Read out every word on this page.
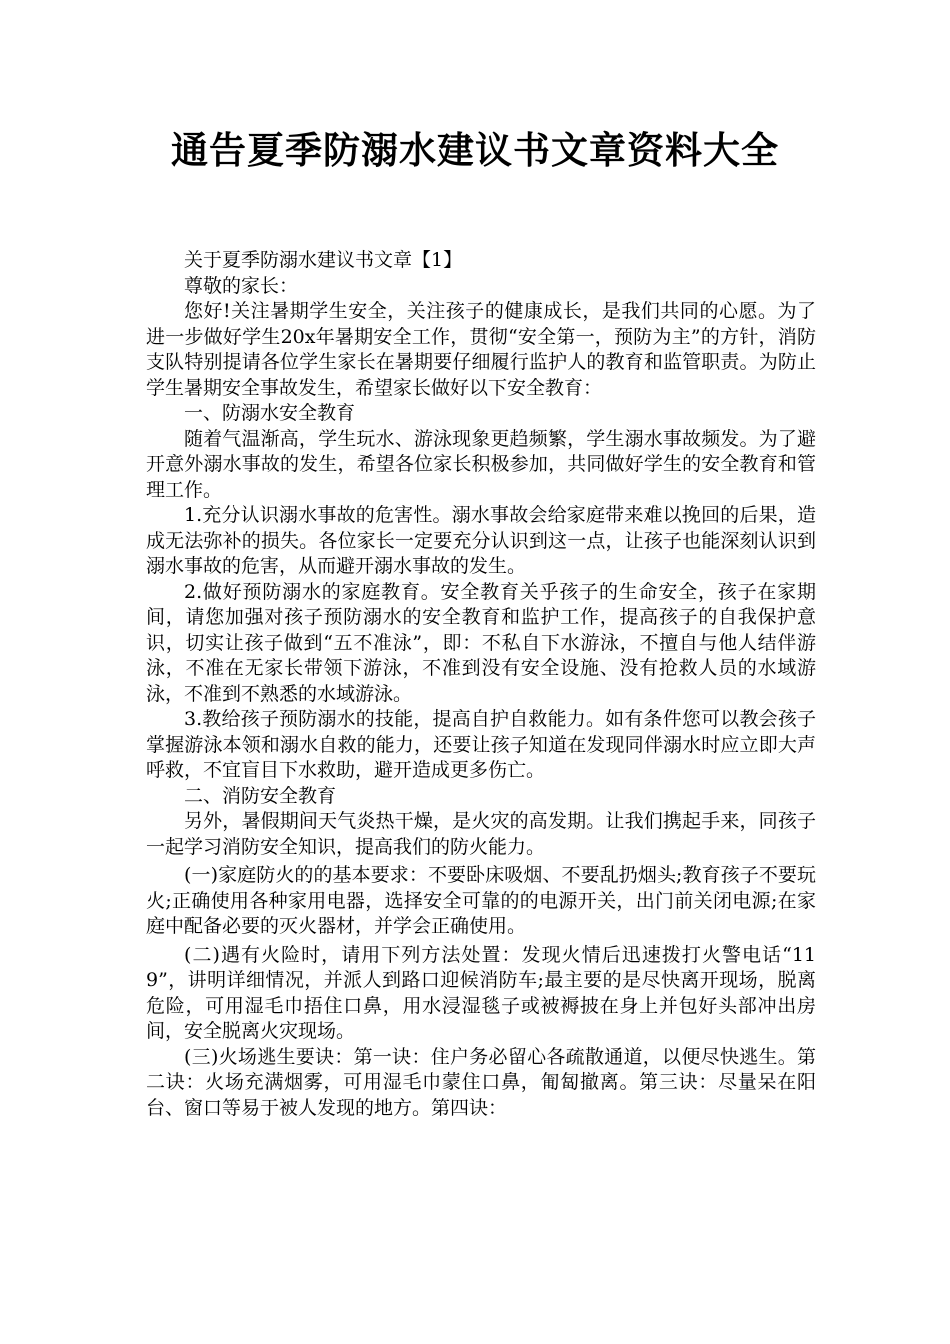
通告夏季防溺水建议书文章资料大全

关于夏季防溺水建议书文章【1】

尊敬的家长：

您好!关注暑期学生安全，关注孩子的健康成长，是我们共同的心愿。为了进一步做好学生20x年暑期安全工作，贯彻“安全第一，预防为主”的方针，消防支队特别提请各位学生家长在暑期要仔细履行监护人的教育和监管职责。为防止学生暑期安全事故发生，希望家长做好以下安全教育：

一、防溺水安全教育

随着气温渐高，学生玩水、游泳现象更趋频繁，学生溺水事故频发。为了避开意外溺水事故的发生，希望各位家长积极参加，共同做好学生的安全教育和管理工作。

1.充分认识溺水事故的危害性。溺水事故会给家庭带来难以挽回的后果，造成无法弥补的损失。各位家长一定要充分认识到这一点，让孩子也能深刻认识到溺水事故的危害，从而避开溺水事故的发生。

2.做好预防溺水的家庭教育。安全教育关乎孩子的生命安全，孩子在家期间，请您加强对孩子预防溺水的安全教育和监护工作，提高孩子的自我保护意识，切实让孩子做到“五不准泳”，即：不私自下水游泳，不擅自与他人结伴游泳，不准在无家长带领下游泳，不准到没有安全设施、没有抢救人员的水域游泳，不准到不熟悉的水域游泳。

3.教给孩子预防溺水的技能，提高自护自救能力。如有条件您可以教会孩子掌握游泳本领和溺水自救的能力，还要让孩子知道在发现同伴溺水时应立即大声呼救，不宜盲目下水救助，避开造成更多伤亡。

二、消防安全教育

另外，暑假期间天气炎热干燥，是火灾的高发期。让我们携起手来，同孩子一起学习消防安全知识，提高我们的防火能力。

(一)家庭防火的的基本要求：不要卧床吸烟、不要乱扔烟头;教育孩子不要玩火;正确使用各种家用电器，选择安全可靠的的电源开关，出门前关闭电源;在家庭中配备必要的灭火器材，并学会正确使用。

(二)遇有火险时，请用下列方法处置：发现火情后迅速拨打火警电话“119”，讲明详细情况，并派人到路口迎候消防车;最主要的是尽快离开现场，脱离危险，可用湿毛巾捂住口鼻，用水浸湿毯子或被褥披在身上并包好头部冲出房间，安全脱离火灾现场。

(三)火场逃生要诀：第一诀：住户务必留心各疏散通道，以便尽快逃生。第二诀：火场充满烟雾，可用湿毛巾蒙住口鼻，匍匐撤离。第三诀：尽量呆在阳台、窗口等易于被人发现的地方。第四诀：
